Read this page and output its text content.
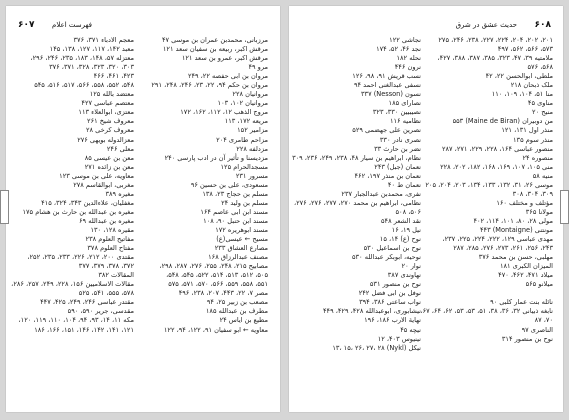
۶۰۷	فهرست اعلام
مرزبانی، محمدبن عمران بن موسی ۴۷
مرقش اکبر، ربیعه بن سفیان سعد ۱۲۱
مرقش اکبر، عمرو بن سعد ۱۲۱
مرو ۴۹
مروان بن ابی حفصه ۲۲، ۲۴۹
مروان بن حکم ۹۴، ۲۲، ۲۳، ۲۴۶، ۲۴۸، ۲۹۱
مروانیان ۲۲۸
مروانیان ۱۰۲، ۱۰۳
مروج الذهب ۱۲، ۱۱۲، ۱۶۲، ۱۷۲
مریعه ۱۷۲، ۱۱۳
مزامیر ۱۵۲
مزاحم طامری ۲۰۴
مزدلفه ۲۲۸
مزدیسنا و تأثیر آن در ادب پارسی ۲۴۰
مسجدالحرام ۱۲۵
مسرور ۲۳۱
مسعودی، علی بن حسین ۹۶
مسلم بن حجاج ۲۳، ۱۳۸
مسلم بن ولید ۲۴
مسند ابن ابی عاصم ۱۶۴
مسند ابن حنبل ۹۰، ۱۰۸
مسند ابوهریره ۱۷۲
مسیح ← عیسی(ع)
مصارع العشاق ۲۳۳
مصنف عبدالرزاق ۱۶۸
مصابیح ۲۱۵، ۲۴۸، ۲۵۵، ۲۷۶، ۲۸۷، ۲۹۸،
۵۰۵، ۵۱۲، ۵۱۳، ۵۱۴، ۵۲۲، ۵۴۵، ۵۴۸،
۵۵۱، ۵۵۸، ۵۵۹، ۵۶۶، ۵۷۰، ۵۷۱، ۵۷۵
مصر ۷، ۲۲، ۴۴۳، ۲۰۷، ۲۳۸، ۴۹۶
مصعب بن زبیر ۲۵، ۹۴
مطرف بن عبدالله ۱۸۵
مطیع بن ایاس ۲۴
معاویه ← ابو سفیان ۹۱، ۱۲۲، ۹۴، ۱۲۲
معجم الادباء ۳۷۱، ۳۷۶
معبد ۱۴۲، ۱۱۷، ۱۲۷، ۱۳۸، ۱۴۵
معتزله ۵۷، ۱۴۸، ۱۸۳، ۲۳۵، ۲۴۶، ۲۹۶،
۳۰۳، ۳۲۰، ۳۲۳، ۳۲۸، ۳۷۱، ۳۷۶
۴۲۳، ۴۶۱، ۴۶۶
۵۴۸، ۵۵۲، ۵۵۸، ۵۶۶، ۵۱۷، ۵۱۶، ۵۴۵
معتضد بالله ۱۲۵
معتصم عباسی ۴۲۷
معتزی، ابوالعلاء ۱۱۳
معروف شیخ ۲۶۱
معروف کرخی ۲۸
معزالدوله بویهی ۲۷۶
معلی ۲۴۶
معن بن عیسی ۸۵
معن بن زائده ۲۷۱
معاویه، علی بن موسی ۱۲۳
مغربی، ابوالقاسم ۲۷۸
مغیره ۳۸۹
مغفلیان، علاءالدین ۳۴۳، ۳۲۴، ۴۱۵
مغیره بن عبدالله بن حارث بن هشام ۱۷۵
مغیره بن عبدالله ۶۹
مقیره ۱۲۸، ۱۳۰
مفاتیح العلوم ۲۳۸
مفتاح العلوم ۳۷۸
مقتدی ۲۰۰، ۲۱۲، ۲۲۶، ۲۳۳، ۲۳۵، ۲۵۲،
۳۷۲، ۳۷۸، ۳۷۹، ۳۷۷
المقالات ۳۸۲
مقالات الاسلامیین ۱۵۶، ۲۲۸، ۲۴۹، ۲۵۷، ۲۸۶،
۵۷۸، ۵۵۵، ۵۴۱، ۵۲۵
مقتدر عباسی ۲۴۶، ۲۴۹، ۴۲۵، ۴۴۷
مقدسی، جریر ۵۹۰، ۵۹۰
مکه ۱۱، ۱۴، ۹۳، ۹۴، ۱۰۴، ۱۱۰، ۱۱۹، ۱۲۰،
۱۲۱، ۱۴۱، ۱۴۲، ۱۴۶، ۱۵۱، ۱۶۶، ۱۸۶
۶۰۸
حدیث عشق در شرق
۲۰۱، ۲۰۲، ۲۰۴، ۲۲۴، ۲۲۷، ۲۳۸، ۲۴۶، ۲۷۵
۵۷۳، ۵۶۶، ۵۶۲، ۴۹۷
ملامتیه ۳۹، ۴۷، ۳۲۳، ۳۸۵، ۳۸۷، ۳۸۸، ۴۲۷،
۵۶۸، ۵۷۶
ملطی، ابوالحسن ۲۲، ۴۲
ملک ذبحان ۲۱۸
منا ۵۱، ۱۰۴، ۱۰۹، ۱۱۰
مناوی ۴۵
منیح ۲۰
من دوبیران (Maine de Biran) ۵۵۳
منذر اول ۱۳۱، ۱۲۱
منذر سوم ۱۳۵
منصور عباسی ۱۶۴، ۲۲۸، ۲۲۹، ۲۷۱، ۲۸۷
منصوره ۲۴
منی ۱۰۵، ۱۰۷، ۱۶۹، ۱۶۸، ۱۸۲، ۲۰۲، ۲۲۸
منیه ۵۸
موسی ۲۶، ۳۱، ۱۳۲، ۱۳۳، ۱۳۴، ۲۰۳، ۲۰۴، ۲۰۵
۳۰۹، ۳۰۴، ۳۰۸
مؤتلف و مختلف ۱۶۰
مولانا ۳۶۵
مولی ۲۸، ۸۰، ۱۰۱، ۱۱۴، ۴۰۲
مونتنی (Montaigne) ۴۴۳
مهدی عباسی ۱۲۹، ۲۲۲، ۲۲۴، ۲۲۵، ۲۳۷،
۲۴۳، ۲۵۶، ۲۶۱، ۲۷۳، ۲۷۶، ۲۸۵، ۲۸۷
مهلبی، حسن بن محمد ۳۷۶
المیزان الکبری ۱۸۱
میلاد ۴۷۱، ۴۶۲، ۴۷۰
میلانو ۵۶۵

نائله بنت عمار کلبی ۹۰
نابغه ذبیانی ۳۲، ۳۶، ۳۸، ۵۱، ۵۳، ۵۳، ۶۲، ۶۴، ۶۷،
۷۰، ۸۷
الناصری ۹۷
نوح بن منصور ۳۱۴
نجاشی ۱۲۲
نجد ۴۶، ۵۲، ۱۷۴
نحله ۱۸۲
نرون ۴۴۶
نسب قریش ۹۱، ۹۸، ۱۲۶
نسفی عبدالغنی احمد ۹۴
نسون (Nesson) ۳۳۷
نصارای ۱۸۵
نصیبیین ۳۳۰، ۳۲۳
نظامیه ۱۱۶
نصرین علی جهضمی ۵۲۹
نصری نادر ۳۳۰
نضر بن حارث ۳۳
نظام، ابراهیم بن سیار ۴۸، ۲۳۸، ۲۴۹، ۲۳۶، ۳۰۹
نعمان (جبل) ۲۴۳
نعمان بن منذر ۱۹۷، ۴۶۲
نعمان ط ۴۰
نفری، محمدبن عبدالجبار ۲۳۷
نظامی، ابراهیم بن محمد ۲۷۰، ۲۷۷، ۲۷۶، ۲۷۶،
۵۰۶، ۵۰۸
نقد الشعر ۵۴۸
نیل ۱۹، ۱۶
نوح (ع) ۱۴، ۱۵
نوح بن اسماعیل ۵۳۰
نوحیه، ابوبکر عبدالله ۵۳۰
نوار ۲۰
نهاوندی ۳۸۷
نوح بن منصور ۵۳۱
نوفل بن ابی فضل ۲۴۲
نواب ساعتی ۳۸۶، ۳۹۴
نیشابوری، ابوعبدالله ۴۲۸، ۴۲۹، ۴۴۹
نهایة الارب ۱۸۶، ۱۹۶
نیچه ۴۵
نینیوس ۴۰۳، ۱۲
نیکل (Nykl) ۱۳، ۱۵، ۲۶، ۲۷، ۲۸
